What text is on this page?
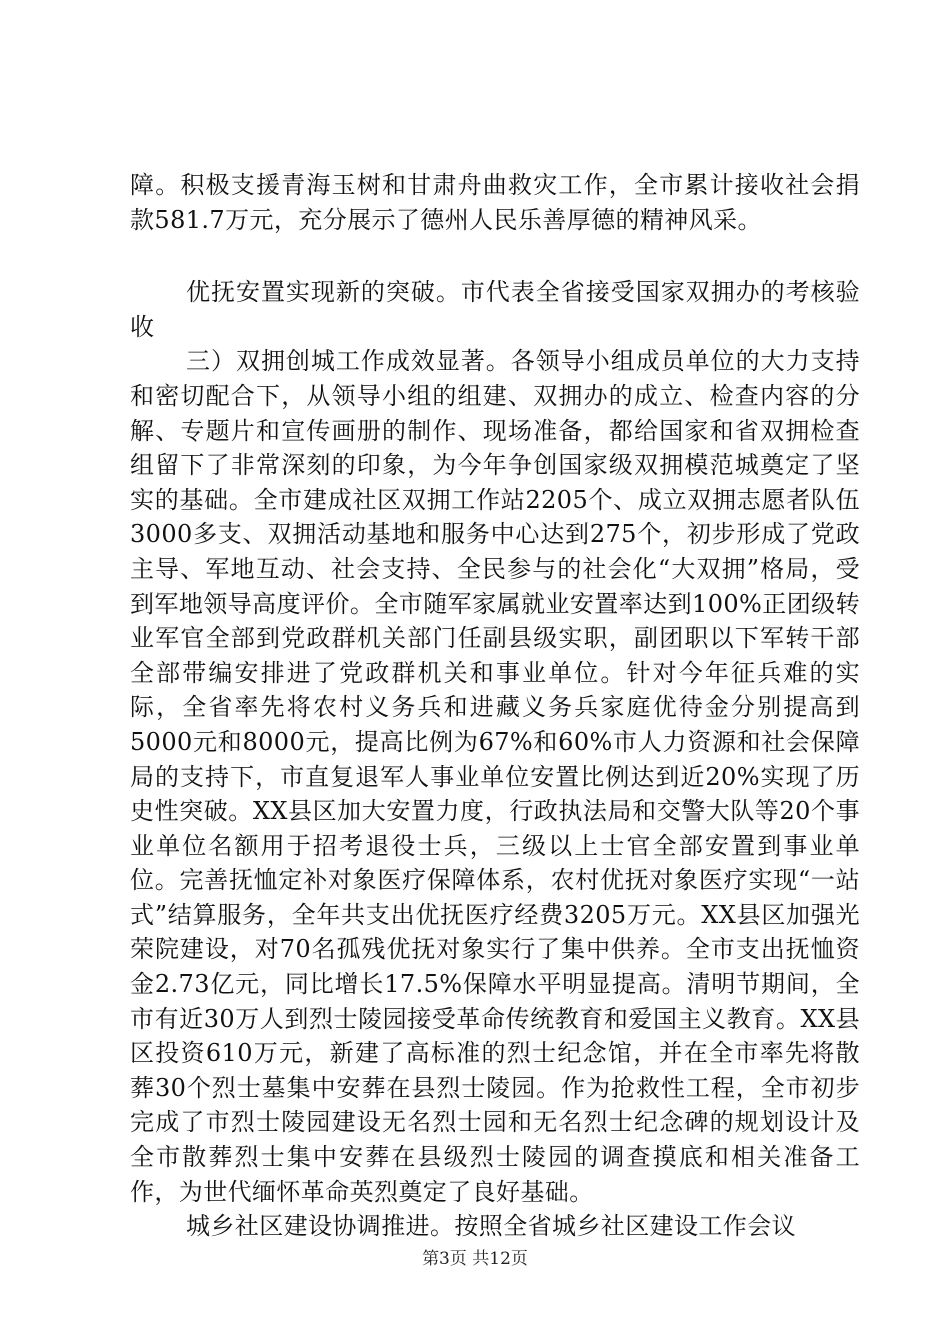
障。积极支援青海玉树和甘肃舟曲救灾工作，全市累计接收社会捐款581.7万元，充分展示了德州人民乐善厚德的精神风采。

优抚安置实现新的突破。市代表全省接受国家双拥办的考核验收

三）双拥创城工作成效显著。各领导小组成员单位的大力支持和密切配合下，从领导小组的组建、双拥办的成立、检查内容的分解、专题片和宣传画册的制作、现场准备，都给国家和省双拥检查组留下了非常深刻的印象，为今年争创国家级双拥模范城奠定了坚实的基础。全市建成社区双拥工作站2205个、成立双拥志愿者队伍3000多支、双拥活动基地和服务中心达到275个，初步形成了党政主导、军地互动、社会支持、全民参与的社会化“大双拥”格局，受到军地领导高度评价。全市随军家属就业安置率达到100%正团级转业军官全部到党政群机关部门任副县级实职，副团职以下军转干部全部带编安排进了党政群机关和事业单位。针对今年征兵难的实际，全省率先将农村义务兵和进藏义务兵家庭优待金分别提高到5000元和8000元，提高比例为67%和60%市人力资源和社会保障局的支持下，市直复退军人事业单位安置比例达到近20%实现了历史性突破。XX县区加大安置力度，行政执法局和交警大队等20个事业单位名额用于招考退役士兵，三级以上士官全部安置到事业单位。完善抚恤定补对象医疗保障体系，农村优抚对象医疗实现“一站式”结算服务，全年共支出优抚医疗经费3205万元。XX县区加强光荣院建设，对70名孤残优抚对象实行了集中供养。全市支出抚恤资金2.73亿元，同比增长17.5%保障水平明显提高。清明节期间，全市有近30万人到烈士陵园接受革命传统教育和爱国主义教育。XX县区投资610万元，新建了高标准的烈士纪念馆，并在全市率先将散葬30个烈士墓集中安葬在县烈士陵园。作为抢救性工程，全市初步完成了市烈士陵园建设无名烈士园和无名烈士纪念碑的规划设计及全市散葬烈士集中安葬在县级烈士陵园的调查摸底和相关准备工作，为世代缅怀革命英烈奠定了良好基础。

城乡社区建设协调推进。按照全省城乡社区建设工作会议

第3页 共12页
